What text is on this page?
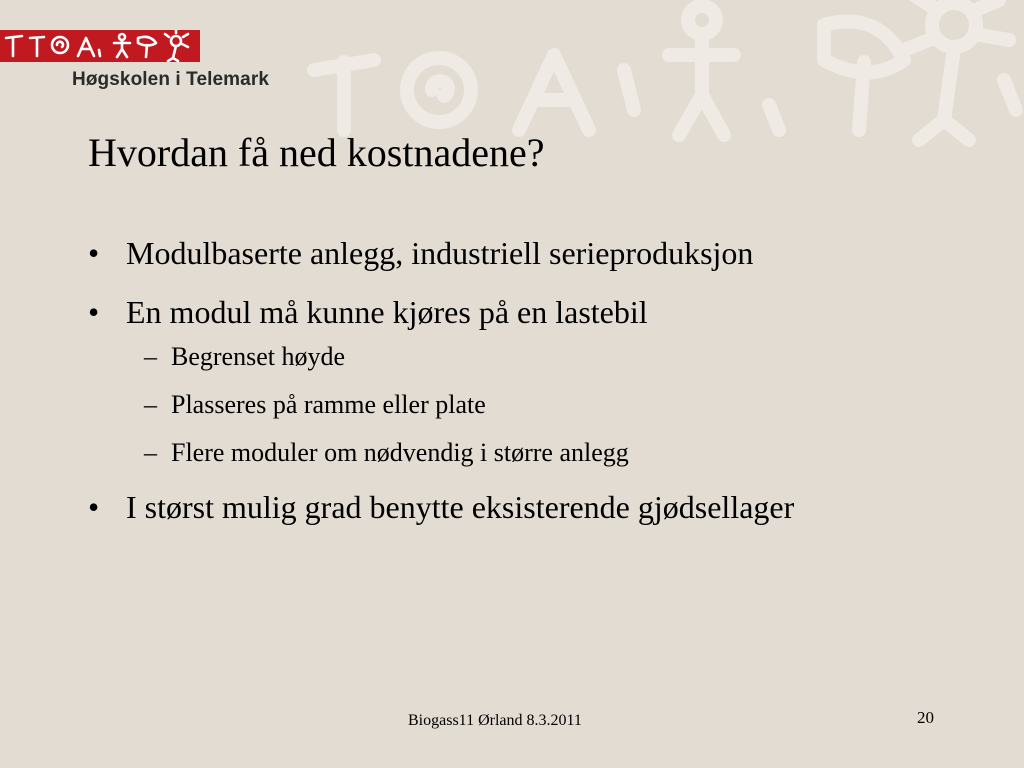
Høgskolen i Telemark
Hvordan få ned kostnadene?
• Modulbaserte anlegg, industriell serieproduksjon
• En modul må kunne kjøres på en lastebil
– Begrenset høyde
– Plasseres på ramme eller plate
– Flere moduler om nødvendig i større anlegg
• I størst mulig grad benytte eksisterende gjødsellager
Biogass11 Ørland 8.3.2011	20
